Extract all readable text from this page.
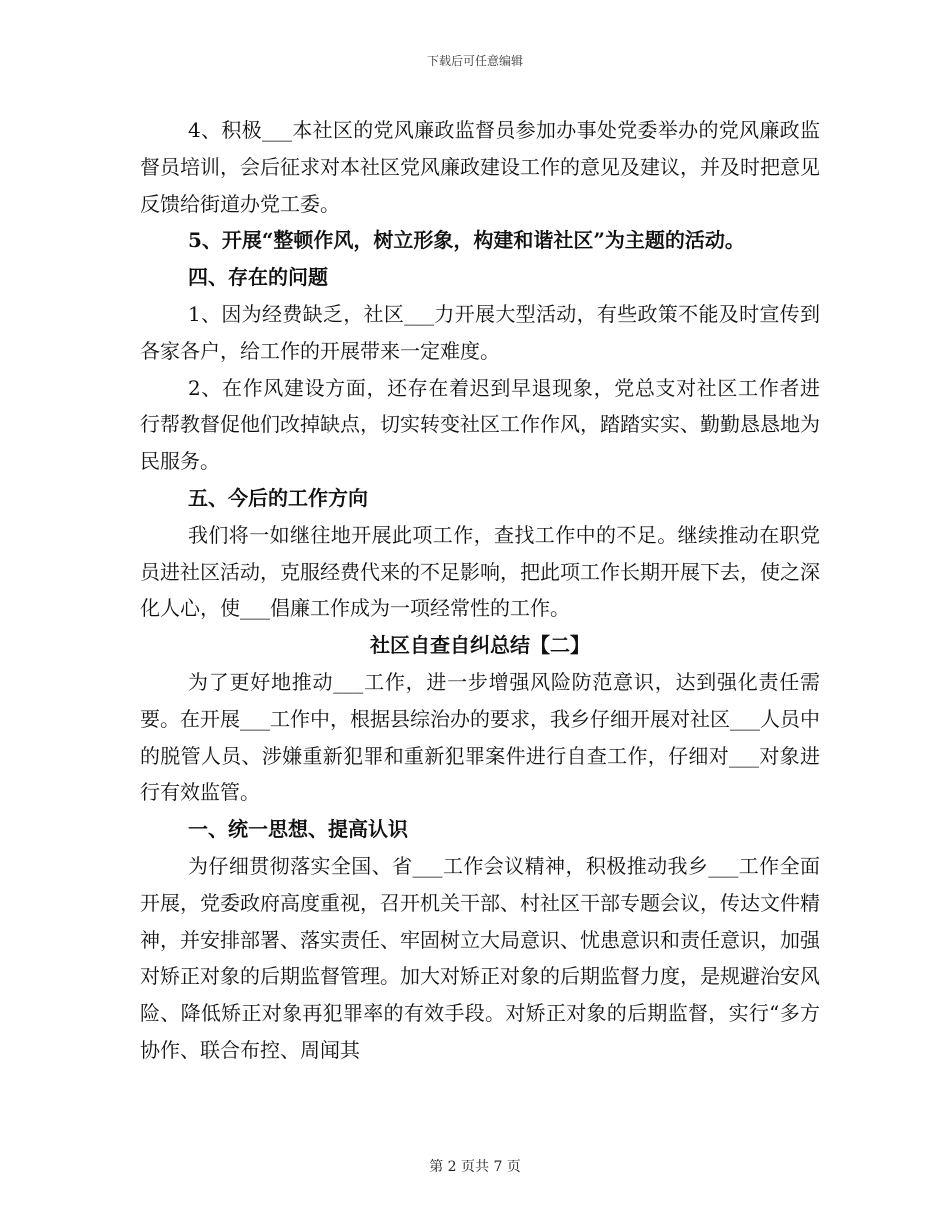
下载后可任意编辑

4、积极___本社区的党风廉政监督员参加办事处党委举办的党风廉政监督员培训，会后征求对本社区党风廉政建设工作的意见及建议，并及时把意见反馈给街道办党工委。

5、开展“整顿作风，树立形象，构建和谐社区”为主题的活动。

四、存在的问题

1、因为经费缺乏，社区___力开展大型活动，有些政策不能及时宣传到各家各户，给工作的开展带来一定难度。

2、在作风建设方面，还存在着迟到早退现象，党总支对社区工作者进行帮教督促他们改掉缺点，切实转变社区工作作风，踏踏实实、勤勤恳恳地为民服务。

五、今后的工作方向

我们将一如继往地开展此项工作，查找工作中的不足。继续推动在职党员进社区活动，克服经费代来的不足影响，把此项工作长期开展下去，使之深化人心，使___倡廉工作成为一项经常性的工作。

社区自查自纠总结【二】

为了更好地推动___工作，进一步增强风险防范意识，达到强化责任需要。在开展___工作中，根据县综治办的要求，我乡仔细开展对社区___人员中的脱管人员、涉嫌重新犯罪和重新犯罪案件进行自查工作，仔细对___对象进行有效监管。

一、统一思想、提高认识

为仔细贯彻落实全国、省___工作会议精神，积极推动我乡___工作全面开展，党委政府高度重视，召开机关干部、村社区干部专题会议，传达文件精神，并安排部署、落实责任、牢固树立大局意识、忧患意识和责任意识，加强对矫正对象的后期监督管理。加大对矫正对象的后期监督力度，是规避治安风险、降低矫正对象再犯罪率的有效手段。对矫正对象的后期监督，实行“多方协作、联合布控、周闻其

第 2 页共 7 页
